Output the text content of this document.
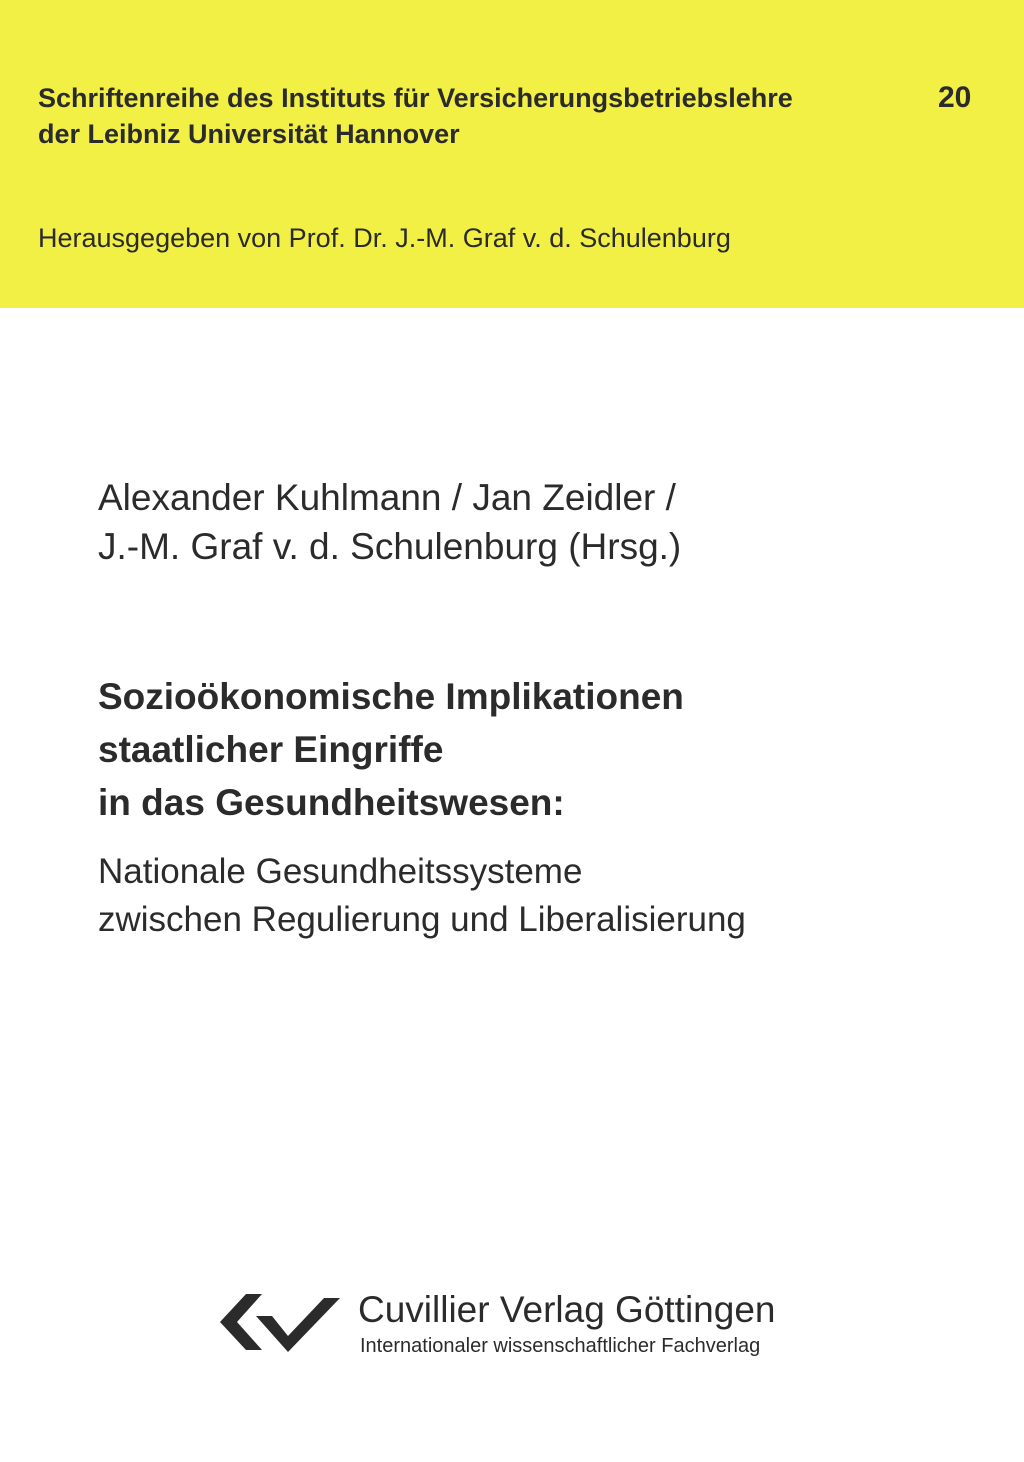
Schriftenreihe des Instituts für Versicherungsbetriebslehre
der Leibniz Universität Hannover
20
Herausgegeben von Prof. Dr. J.-M. Graf v. d. Schulenburg

Alexander Kuhlmann / Jan Zeidler /
J.-M. Graf v. d. Schulenburg (Hrsg.)

Sozioökonomische Implikationen
staatlicher Eingriffe
in das Gesundheitswesen:

Nationale Gesundheitssysteme
zwischen Regulierung und Liberalisierung

Cuvillier Verlag Göttingen
Internationaler wissenschaftlicher Fachverlag
